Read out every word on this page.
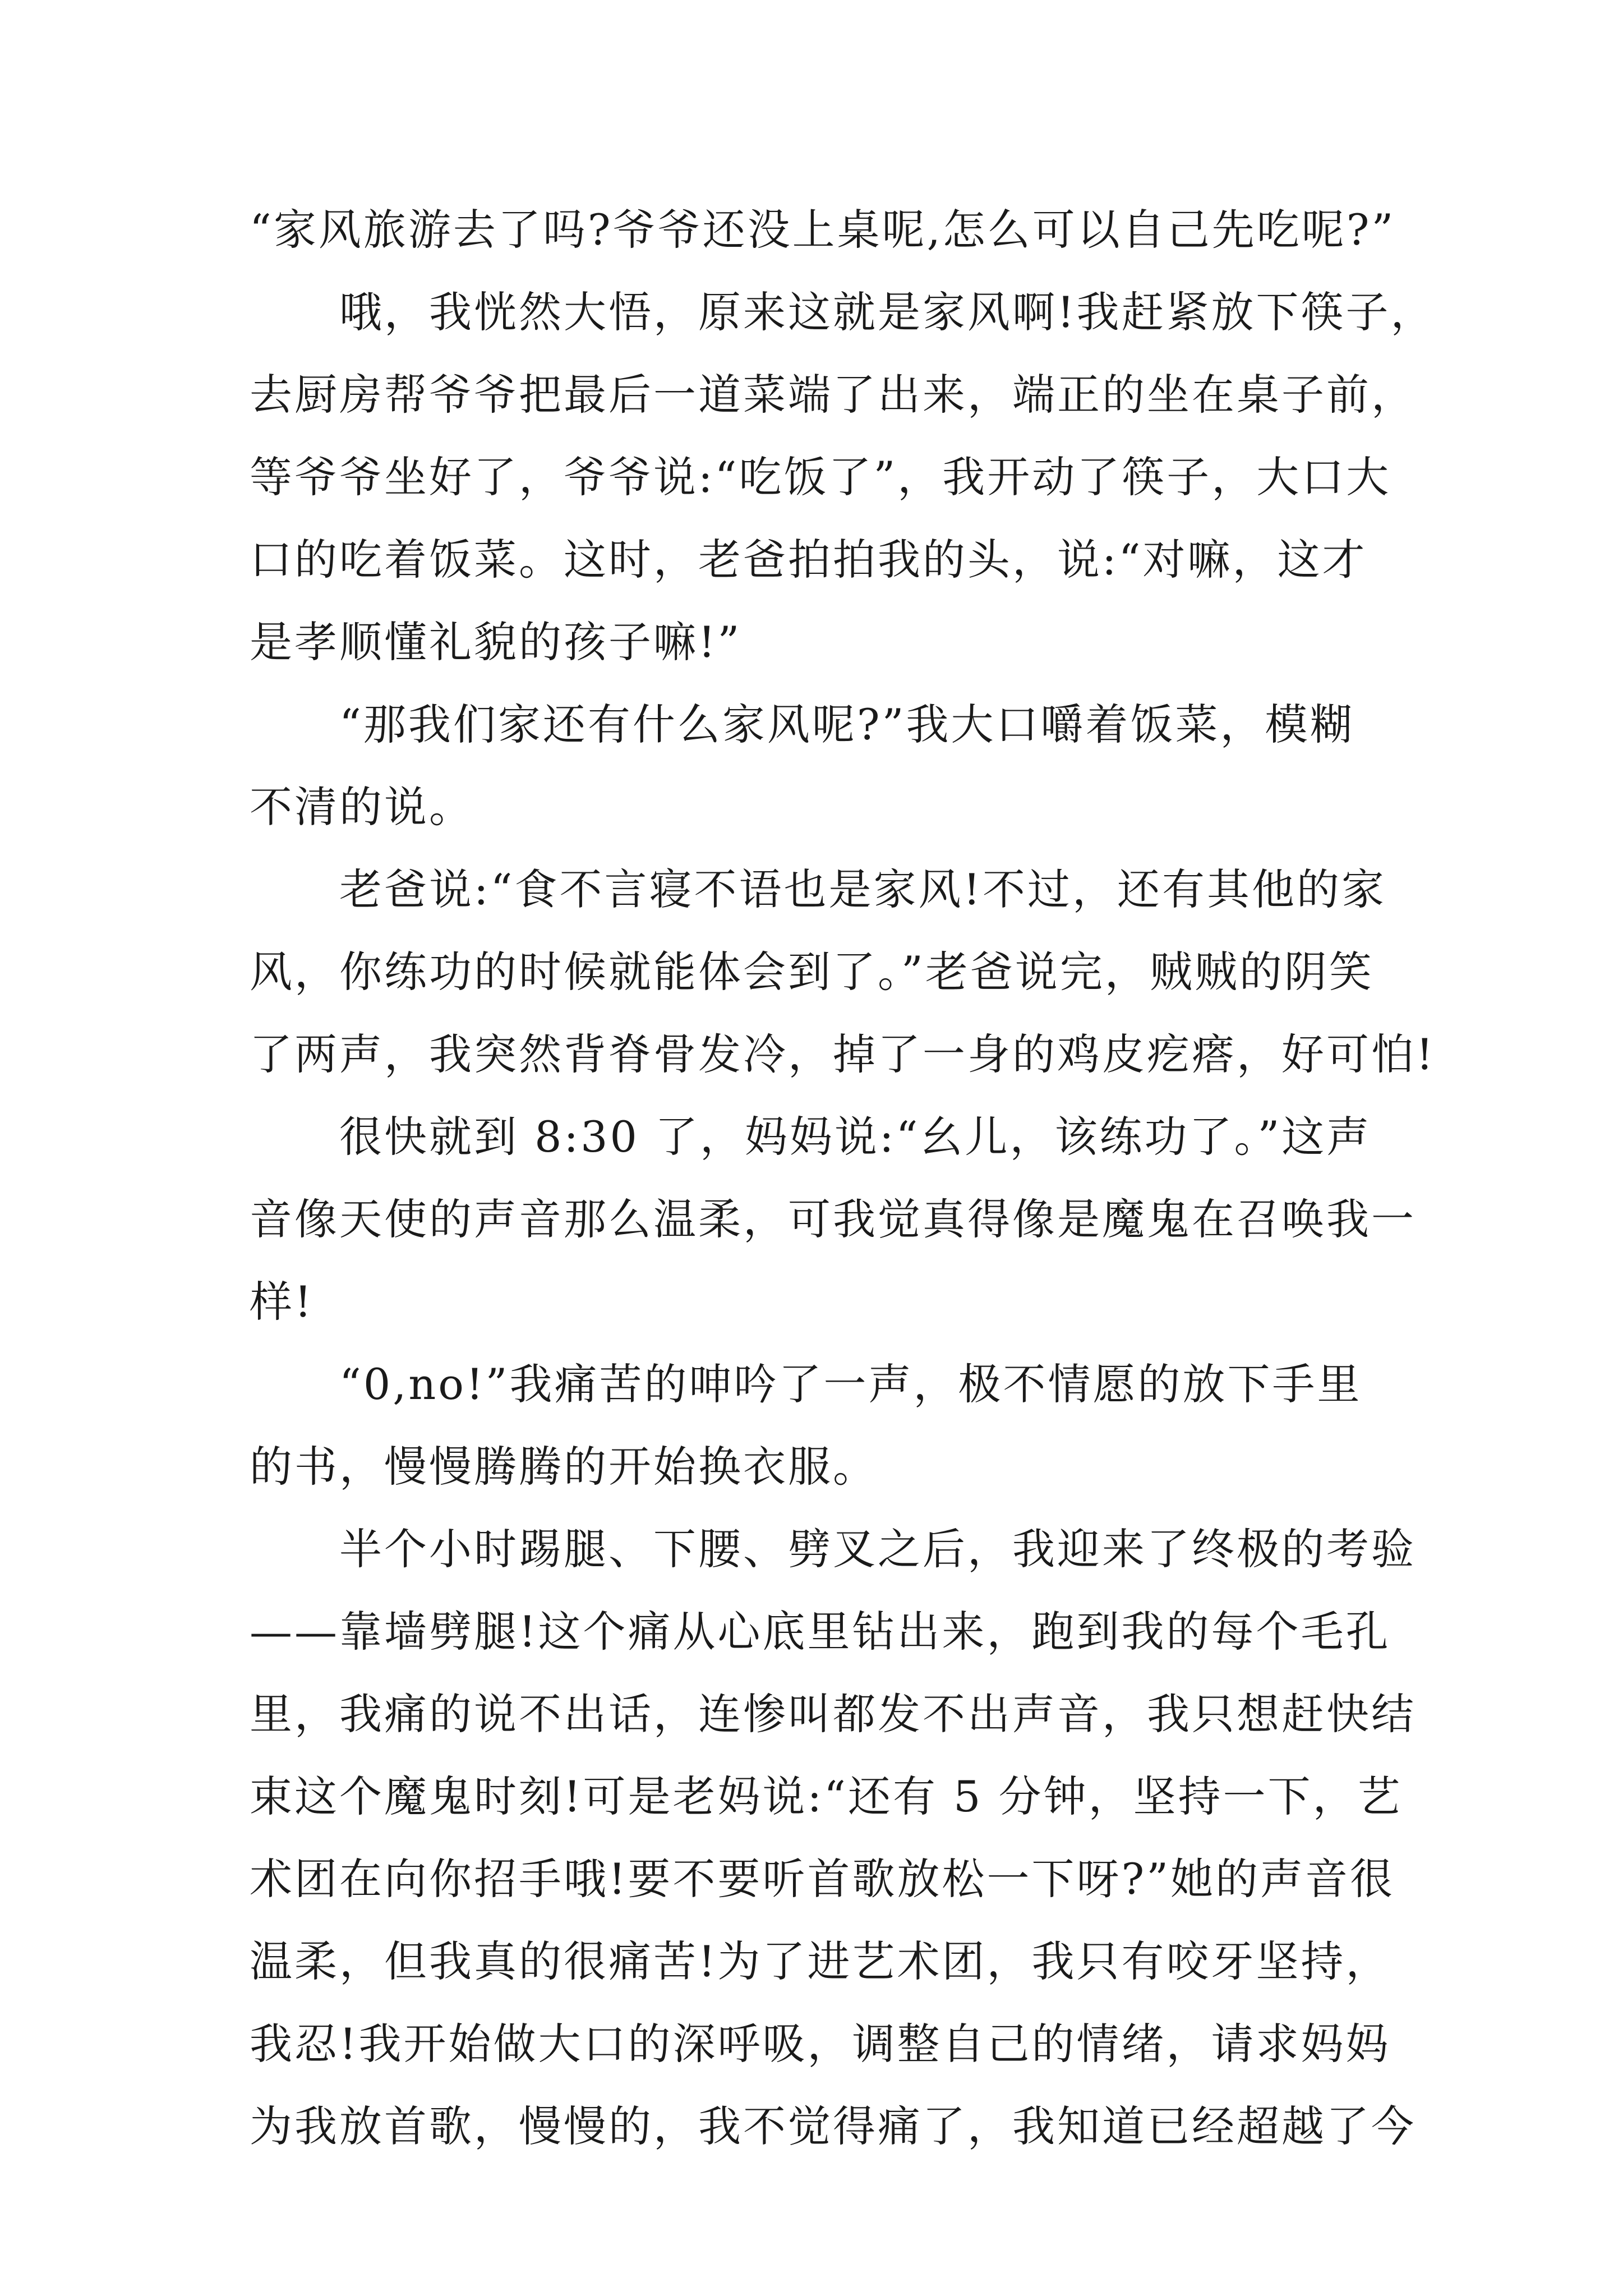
“家风旅游去了吗?爷爷还没上桌呢,怎么可以自己先吃呢?”
　　哦，我恍然大悟，原来这就是家风啊!我赶紧放下筷子，
去厨房帮爷爷把最后一道菜端了出来，端正的坐在桌子前，
等爷爷坐好了，爷爷说:“吃饭了”，我开动了筷子，大口大
口的吃着饭菜。这时，老爸拍拍我的头，说:“对嘛，这才
是孝顺懂礼貌的孩子嘛!”
　　“那我们家还有什么家风呢?”我大口嚼着饭菜，模糊
不清的说。
　　老爸说:“食不言寝不语也是家风!不过，还有其他的家
风，你练功的时候就能体会到了。”老爸说完，贼贼的阴笑
了两声，我突然背脊骨发冷，掉了一身的鸡皮疙瘩，好可怕!
　　很快就到 8:30 了，妈妈说:“幺儿，该练功了。”这声
音像天使的声音那么温柔，可我觉真得像是魔鬼在召唤我一
样!
　　“0,no!”我痛苦的呻吟了一声，极不情愿的放下手里
的书，慢慢腾腾的开始换衣服。
　　半个小时踢腿、下腰、劈叉之后，我迎来了终极的考验
——靠墙劈腿!这个痛从心底里钻出来，跑到我的每个毛孔
里，我痛的说不出话，连惨叫都发不出声音，我只想赶快结
束这个魔鬼时刻!可是老妈说:“还有 5 分钟，坚持一下，艺
术团在向你招手哦!要不要听首歌放松一下呀?”她的声音很
温柔，但我真的很痛苦!为了进艺术团，我只有咬牙坚持，
我忍!我开始做大口的深呼吸，调整自己的情绪，请求妈妈
为我放首歌，慢慢的，我不觉得痛了，我知道已经超越了今
